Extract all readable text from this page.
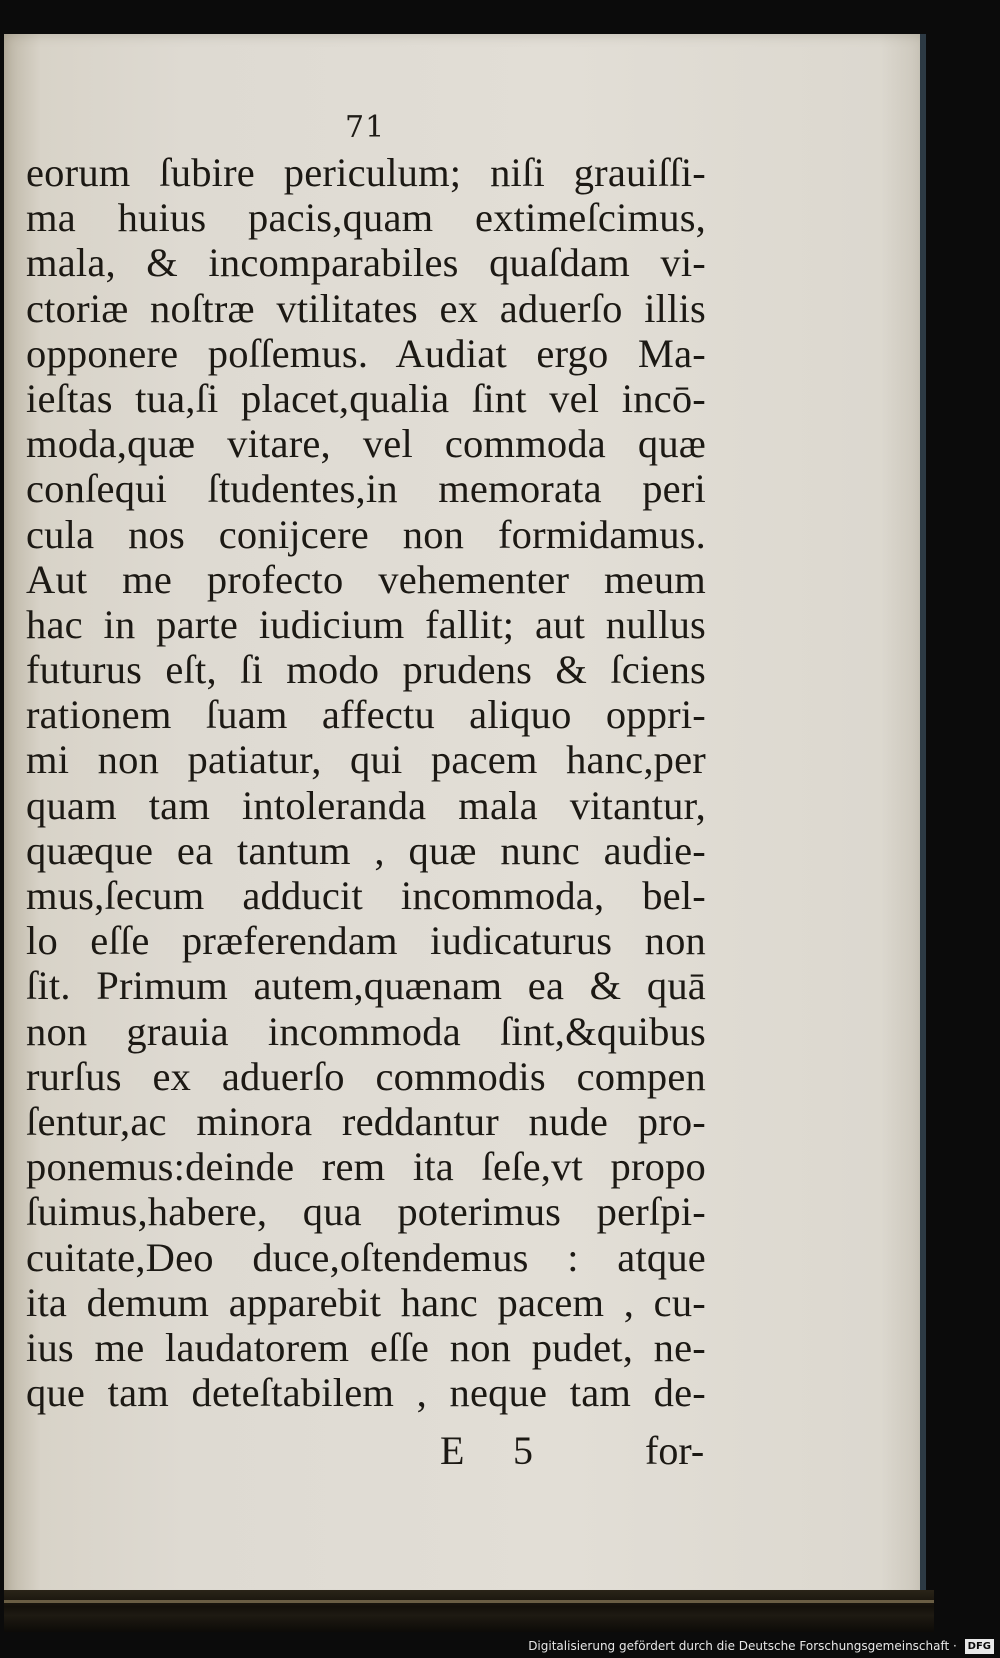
71
eorum ſubire periculum; niſi grauiſſi-
ma huius pacis,quam extimeſcimus,
mala, & incomparabiles quaſdam vi-
ctoriæ noſtræ vtilitates ex aduerſo illis
opponere poſſemus. Audiat ergo Ma-
ieſtas tua,ſi placet,qualia ſint vel incō-
moda,quæ vitare, vel commoda quæ
conſequi ſtudentes,in memorata peri
cula nos conijcere non formidamus.
Aut me profecto vehementer meum
hac in parte iudicium fallit; aut nullus
futurus eſt, ſi modo prudens & ſciens
rationem ſuam affectu aliquo oppri-
mi non patiatur, qui pacem hanc,per
quam tam intoleranda mala vitantur,
quæque ea tantum , quæ nunc audie-
mus,ſecum adducit incommoda, bel-
lo eſſe præferendam iudicaturus non
ſit. Primum autem,quænam ea & quā
non grauia incommoda ſint,&quibus
rurſus ex aduerſo commodis compen
ſentur,ac minora reddantur nude pro-
ponemus:deinde rem ita ſeſe,vt propo
ſuimus,habere, qua poterimus perſpi-
cuitate,Deo duce,oſtendemus : atque
ita demum apparebit hanc pacem , cu-
ius me laudatorem eſſe non pudet, ne-
que tam deteſtabilem , neque tam de-
E 5	for-
Digitalisierung gefördert durch die Deutsche Forschungsgemeinschaft · DFG
